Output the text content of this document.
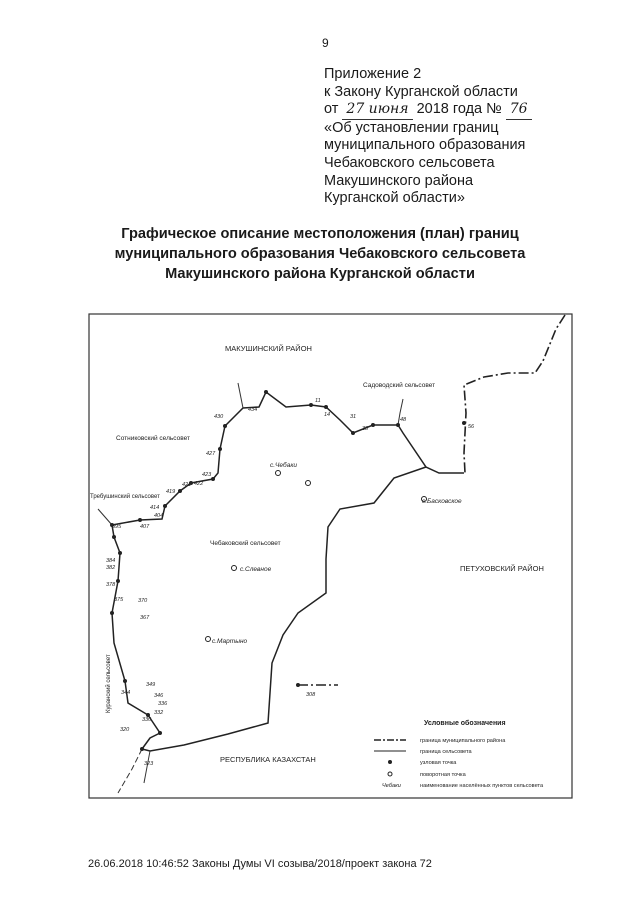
9
Приложение 2
к Закону Курганской области
от 27 июня 2018 года № 76
«Об установлении границ
муниципального образования
Чебаковского сельсовета
Макушинского района
Курганской области»
Графическое описание местоположения (план) границ
муниципального образования Чебаковского сельсовета
Макушинского района Курганской области
МАКУШИНСКИЙ РАЙОН
Садоводский сельсовет
Сотниковский сельсовет
Требушинский сельсовет
Чебаковский сельсовет
ПЕТУХОВСКИЙ РАЙОН
РЕСПУБЛИКА КАЗАХСТАН
Куранский сельсовет
с.Чебаки
с.Басковское
с.Слевное
с.Мартыно
434
11
14	31
38
48
56
430
427
421 422
423
419
414
404
407
395
384
382
378
375	370
367
349
344	346
336
332
330
320
323
308
Условные обозначения
граница муниципального района
граница сельсовета
узловая точка
поворотная точка
Чебаки	наименование населённых пунктов сельсовета
26.06.2018 10:46:52 Законы Думы VI созыва/2018/проект закона 72
